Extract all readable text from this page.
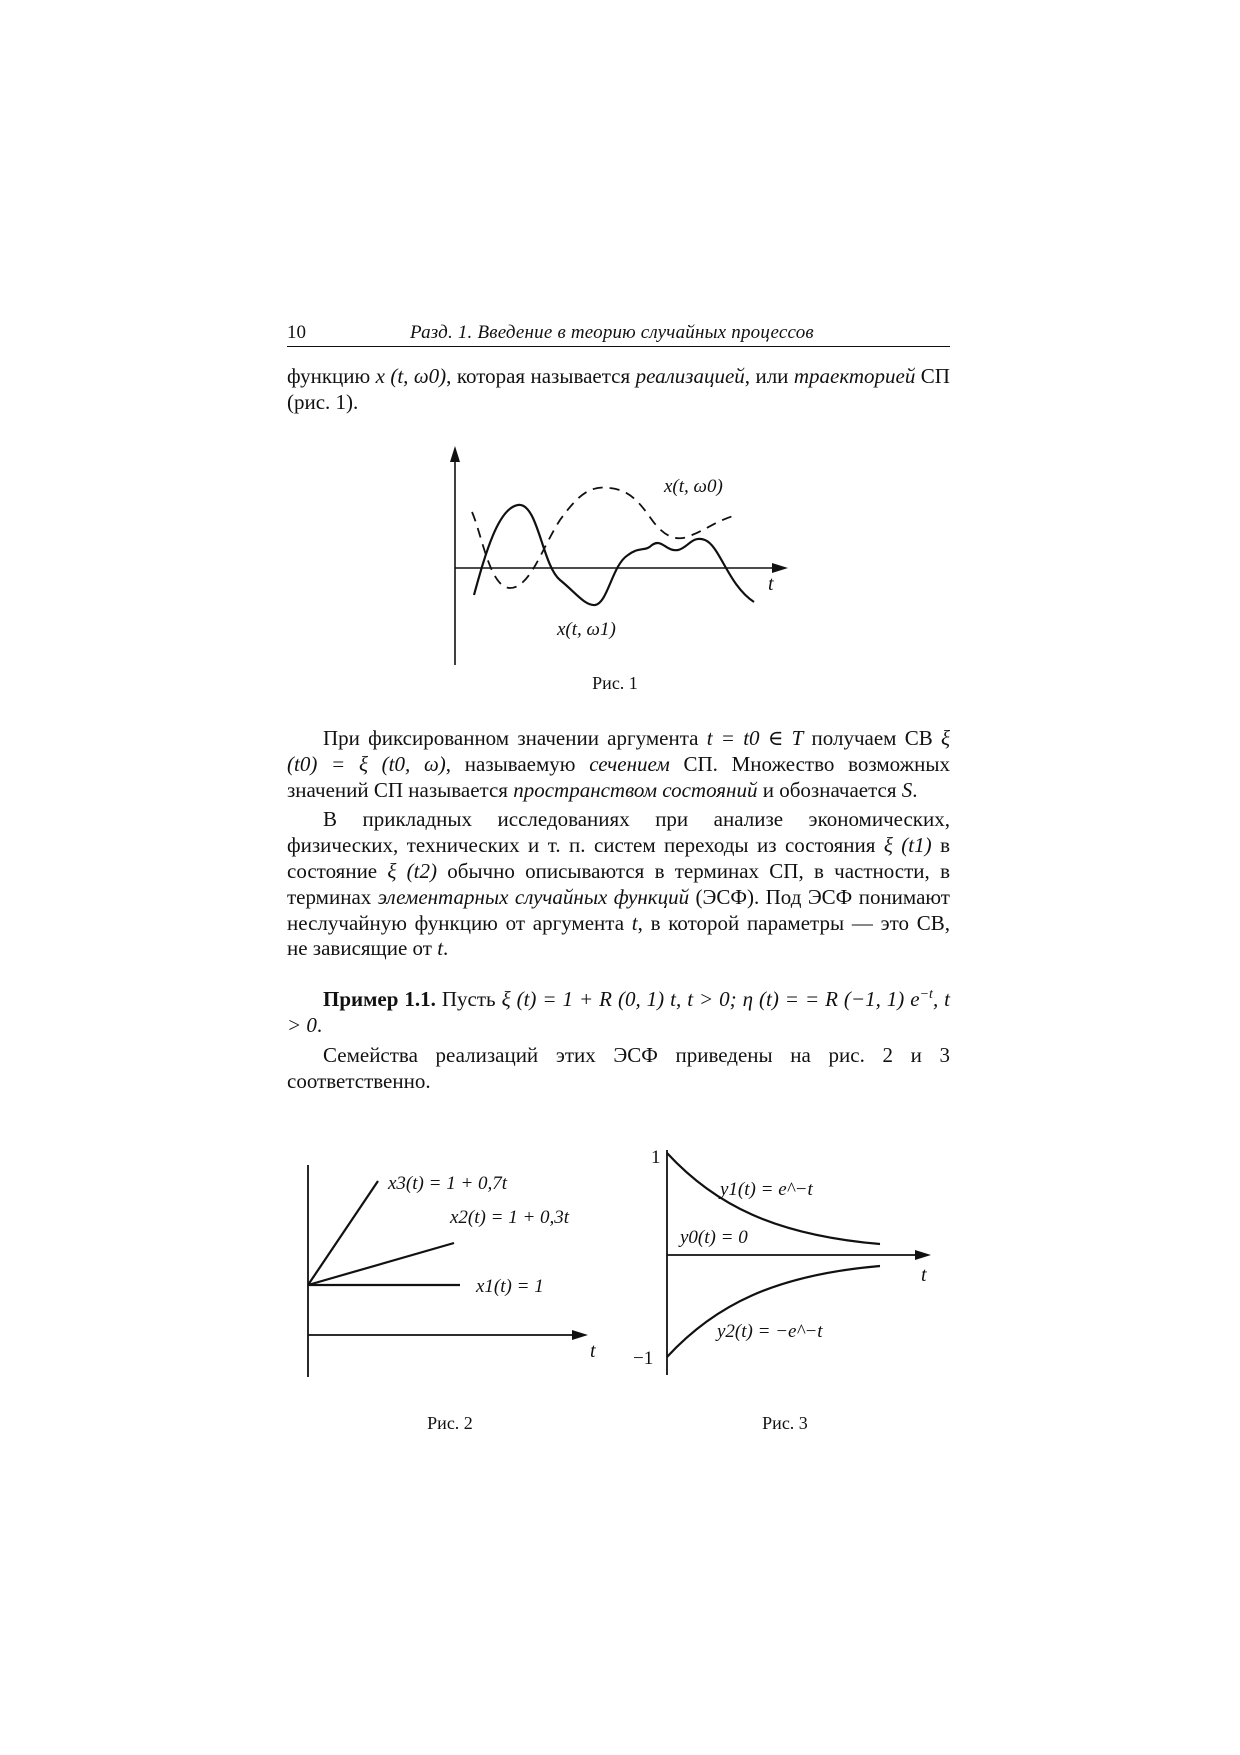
10	Разд. 1. Введение в теорию случайных процессов

функцию x (t, ω0), которая называется реализацией, или траекторией СП (рис. 1).

x(t, ω0)
x(t, ω1)
t
Рис. 1

При фиксированном значении аргумента t = t0 ∈ T получаем СВ ξ (t0) = ξ (t0, ω), называемую сечением СП. Множество возможных значений СП называется пространством состояний и обозначается S.

В прикладных исследованиях при анализе экономических, физических, технических и т. п. систем переходы из состояния ξ (t1) в состояние ξ (t2) обычно описываются в терминах СП, в частности, в терминах элементарных случайных функций (ЭСФ). Под ЭСФ понимают неслучайную функцию от аргумента t, в которой параметры — это СВ, не зависящие от t.

Пример 1.1. Пусть ξ (t) = 1 + R (0, 1) t, t > 0; η (t) = = R (−1, 1) $e^{-t}$, t > 0.

Семейства реализаций этих ЭСФ приведены на рис. 2 и 3 соответственно.

x3(t) = 1 + 0,7t
x2(t) = 1 + 0,3t
x1(t) = 1
t
Рис. 2
1
−1
y1(t) = e^−t
y0(t) = 0
y2(t) = −e^−t
t
Рис. 3
